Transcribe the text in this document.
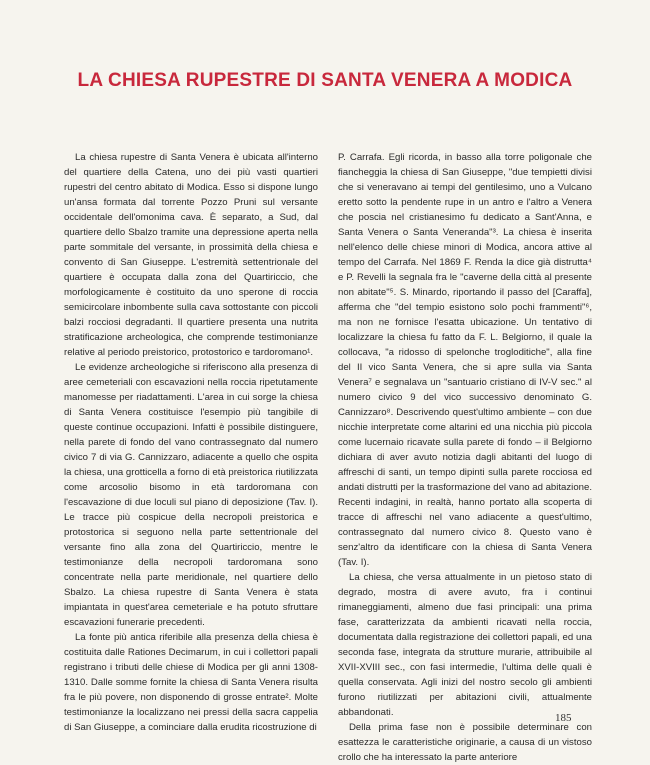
LA CHIESA RUPESTRE DI SANTA VENERA A MODICA

La chiesa rupestre di Santa Venera è ubicata all'interno del quartiere della Catena, uno dei più vasti quartieri rupestri del centro abitato di Modica. Esso si dispone lungo un'ansa formata dal torrente Pozzo Pruni sul versante occidentale dell'omonima cava. È separato, a Sud, dal quartiere dello Sbalzo tramite una depressione aperta nella parte sommitale del versante, in prossimità della chiesa e convento di San Giuseppe. L'estremità settentrionale del quartiere è occupata dalla zona del Quartiriccio, che morfologicamente è costituito da uno sperone di roccia semicircolare inbombente sulla cava sottostante con piccoli balzi rocciosi degradanti. Il quartiere presenta una nutrita stratificazione archeologica, che comprende testimonianze relative al periodo preistorico, protostorico e tardoromano¹.

Le evidenze archeologiche si riferiscono alla presenza di aree cemeteriali con escavazioni nella roccia ripetutamente manomesse per riadattamenti. L'area in cui sorge la chiesa di Santa Venera costituisce l'esempio più tangibile di queste continue occupazioni. Infatti è possibile distinguere, nella parete di fondo del vano contrassegnato dal numero civico 7 di via G. Cannizzaro, adiacente a quello che ospita la chiesa, una grotticella a forno di età preistorica riutilizzata come arcosolio bisomo in età tardoromana con l'escavazione di due loculi sul piano di deposizione (Tav. I). Le tracce più cospicue della necropoli preistorica e protostorica si seguono nella parte settentrionale del versante fino alla zona del Quartiriccio, mentre le testimonianze della necropoli tardoromana sono concentrate nella parte meridionale, nel quartiere dello Sbalzo. La chiesa rupestre di Santa Venera è stata impiantata in quest'area cemeteriale e ha potuto sfruttare escavazioni funerarie precedenti.

La fonte più antica riferibile alla presenza della chiesa è costituita dalle Rationes Decimarum, in cui i collettori papali registrano i tributi delle chiese di Modica per gli anni 1308-1310. Dalle somme fornite la chiesa di Santa Venera risulta fra le più povere, non disponendo di grosse entrate². Molte testimonianze la localizzano nei pressi della sacra cappelia di San Giuseppe, a cominciare dalla erudita ricostruzione di

P. Carrafa. Egli ricorda, in basso alla torre poligonale che fiancheggia la chiesa di San Giuseppe, "due tempietti divisi che si veneravano ai tempi del gentilesimo, uno a Vulcano eretto sotto la pendente rupe in un antro e l'altro a Venera che poscia nel cristianesimo fu dedicato a Sant'Anna, e Santa Venera o Santa Veneranda"³. La chiesa è inserita nell'elenco delle chiese minori di Modica, ancora attive al tempo del Carrafa. Nel 1869 F. Renda la dice già distrutta⁴ e P. Revelli la segnala fra le "caverne della città al presente non abitate"⁵. S. Minardo, riportando il passo del [Caraffa], afferma che "del tempio esistono solo pochi frammenti"⁶, ma non ne fornisce l'esatta ubicazione. Un tentativo di localizzare la chiesa fu fatto da F. L. Belgiorno, il quale la collocava, "a ridosso di spelonche trogloditiche", alla fine del II vico Santa Venera, che si apre sulla via Santa Venera⁷ e segnalava un "santuario cristiano di IV-V sec." al numero civico 9 del vico successivo denominato G. Cannizzaro⁸. Descrivendo quest'ultimo ambiente – con due nicchie interpretate come altarini ed una nicchia più piccola come lucernaio ricavate sulla parete di fondo – il Belgiorno dichiara di aver avuto notizia dagli abitanti del luogo di affreschi di santi, un tempo dipinti sulla parete rocciosa ed andati distrutti per la trasformazione del vano ad abitazione. Recenti indagini, in realtà, hanno portato alla scoperta di tracce di affreschi nel vano adiacente a quest'ultimo, contrassegnato dal numero civico 8. Questo vano è senz'altro da identificare con la chiesa di Santa Venera (Tav. I).

La chiesa, che versa attualmente in un pietoso stato di degrado, mostra di avere avuto, fra i continui rimaneggiamenti, almeno due fasi principali: una prima fase, caratterizzata da ambienti ricavati nella roccia, documentata dalla registrazione dei collettori papali, ed una seconda fase, integrata da strutture murarie, attribuibile al XVII-XVIII sec., con fasi intermedie, l'ultima delle quali è quella conservata. Agli inizi del nostro secolo gli ambienti furono riutilizzati per abitazioni civili, attualmente abbandonati.

Della prima fase non è possibile determinare con esattezza le caratteristiche originarie, a causa di un vistoso crollo che ha interessato la parte anteriore

185
